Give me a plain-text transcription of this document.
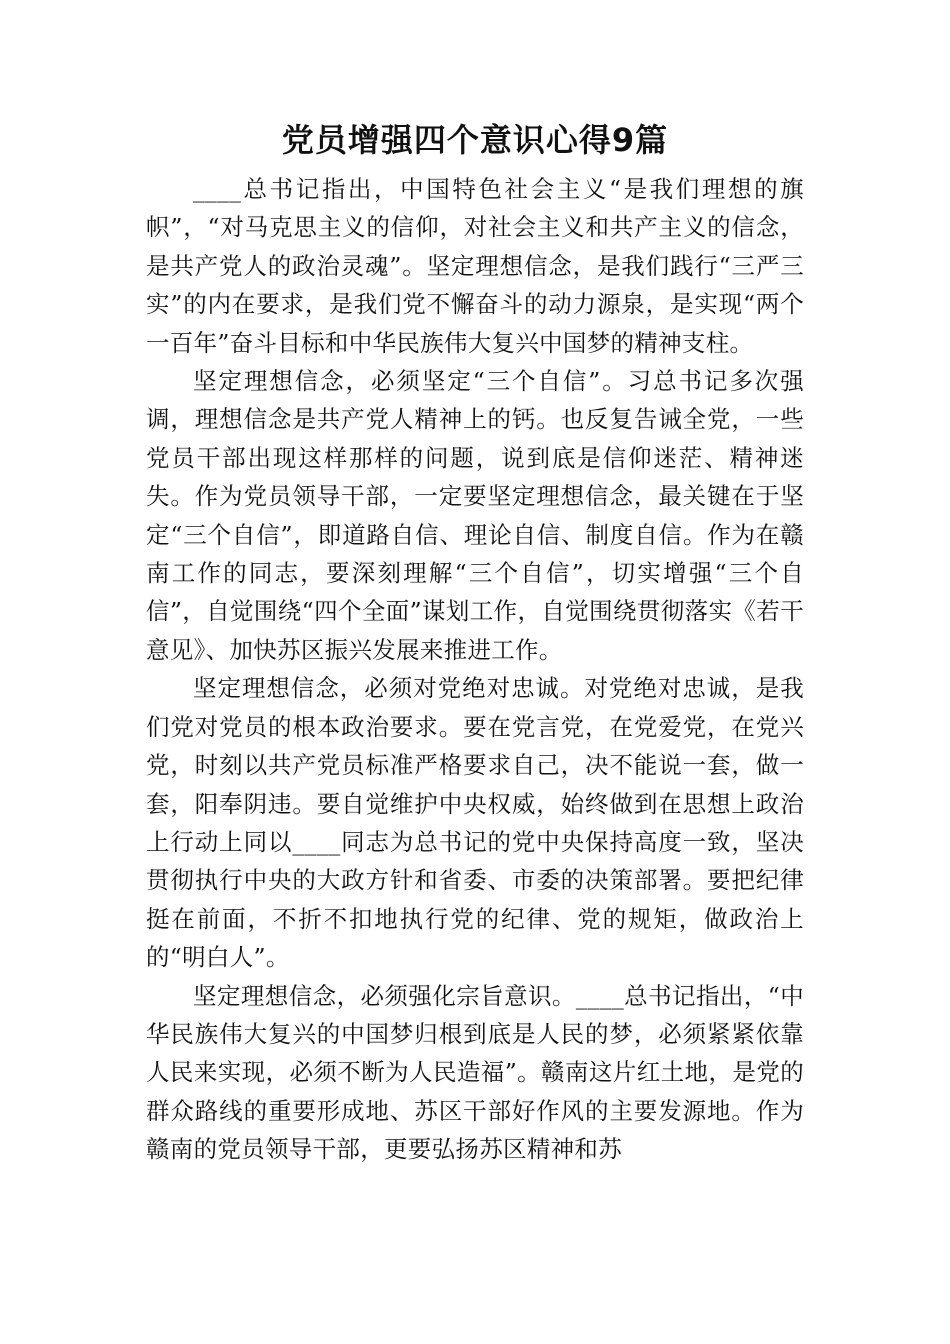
党员增强四个意识心得9篇

____总书记指出，中国特色社会主义“是我们理想的旗帜”，“对马克思主义的信仰，对社会主义和共产主义的信念，是共产党人的政治灵魂”。坚定理想信念，是我们践行“三严三实”的内在要求，是我们党不懈奋斗的动力源泉，是实现“两个一百年”奋斗目标和中华民族伟大复兴中国梦的精神支柱。

坚定理想信念，必须坚定“三个自信”。习总书记多次强调，理想信念是共产党人精神上的钙。也反复告诫全党，一些党员干部出现这样那样的问题，说到底是信仰迷茫、精神迷失。作为党员领导干部，一定要坚定理想信念，最关键在于坚定“三个自信”，即道路自信、理论自信、制度自信。作为在赣南工作的同志，要深刻理解“三个自信”，切实增强“三个自信”，自觉围绕“四个全面”谋划工作，自觉围绕贯彻落实《若干意见》、加快苏区振兴发展来推进工作。

坚定理想信念，必须对党绝对忠诚。对党绝对忠诚，是我们党对党员的根本政治要求。要在党言党，在党爱党，在党兴党，时刻以共产党员标准严格要求自己，决不能说一套，做一套，阳奉阴违。要自觉维护中央权威，始终做到在思想上政治上行动上同以____同志为总书记的党中央保持高度一致，坚决贯彻执行中央的大政方针和省委、市委的决策部署。要把纪律挺在前面，不折不扣地执行党的纪律、党的规矩，做政治上的“明白人”。

坚定理想信念，必须强化宗旨意识。____总书记指出，“中华民族伟大复兴的中国梦归根到底是人民的梦，必须紧紧依靠人民来实现，必须不断为人民造福”。赣南这片红土地，是党的群众路线的重要形成地、苏区干部好作风的主要发源地。作为赣南的党员领导干部，更要弘扬苏区精神和苏
